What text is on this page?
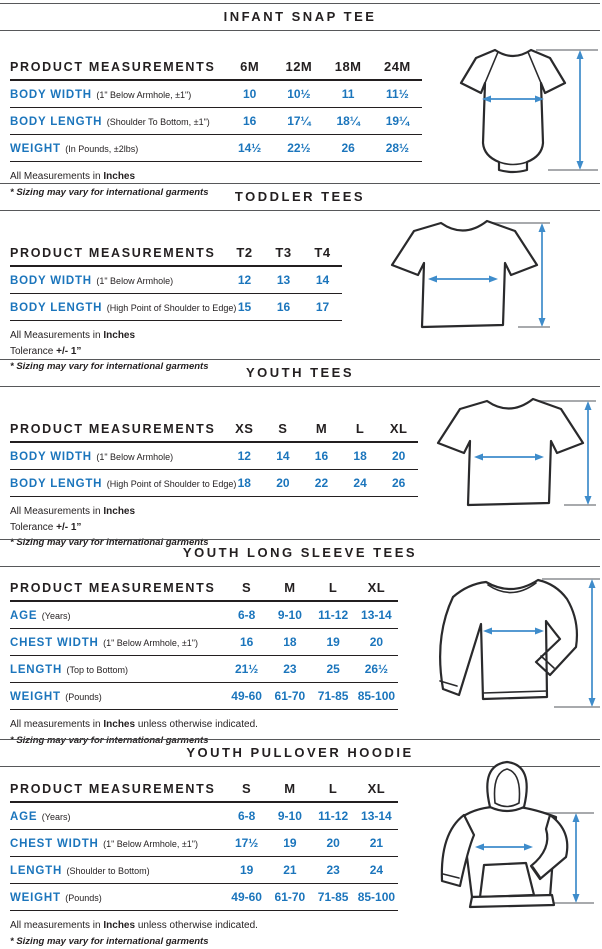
INFANT SNAP TEE
PRODUCT MEASUREMENTS	6M	12M	18M	24M
BODY WIDTH (1" Below Armhole, ±1")	10	10½	11	11½
BODY LENGTH (Shoulder To Bottom, ±1")	16	17¼	18¼	19¼
WEIGHT (In Pounds, ±2lbs)	14½	22½	26	28½
All Measurements in Inches
* Sizing may vary for international garments	TODDLER TEES
PRODUCT MEASUREMENTS	T2	T3	T4
BODY WIDTH (1" Below Armhole)	12	13	14
BODY LENGTH (High Point of Shoulder to Edge)	15	16	17
All Measurements in Inches
Tolerance +/- 1”
* Sizing may vary for international garments	YOUTH TEES
PRODUCT MEASUREMENTS	XS	S	M	L	XL
BODY WIDTH (1" Below Armhole)	12	14	16	18	20
BODY LENGTH (High Point of Shoulder to Edge)	18	20	22	24	26
All Measurements in Inches
Tolerance +/- 1”
* Sizing may vary for international garments
YOUTH LONG SLEEVE TEES
PRODUCT MEASUREMENTS	S	M	L	XL
AGE (Years)	6-8	9-10	11-12	13-14
CHEST WIDTH (1" Below Armhole, ±1")	16	18	19	20
LENGTH (Top to Bottom)	21½	23	25	26½
WEIGHT (Pounds)	49-60	61-70	71-85	85-100
All measurements in Inches unless otherwise indicated.
* Sizing may vary for international garments
YOUTH PULLOVER HOODIE
PRODUCT MEASUREMENTS	S	M	L	XL
AGE (Years)	6-8	9-10	11-12	13-14
CHEST WIDTH (1" Below Armhole, ±1")	17½	19	20	21
LENGTH (Shoulder to Bottom)	19	21	23	24
WEIGHT (Pounds)	49-60	61-70	71-85	85-100
All measurements in Inches unless otherwise indicated.
* Sizing may vary for international garments
